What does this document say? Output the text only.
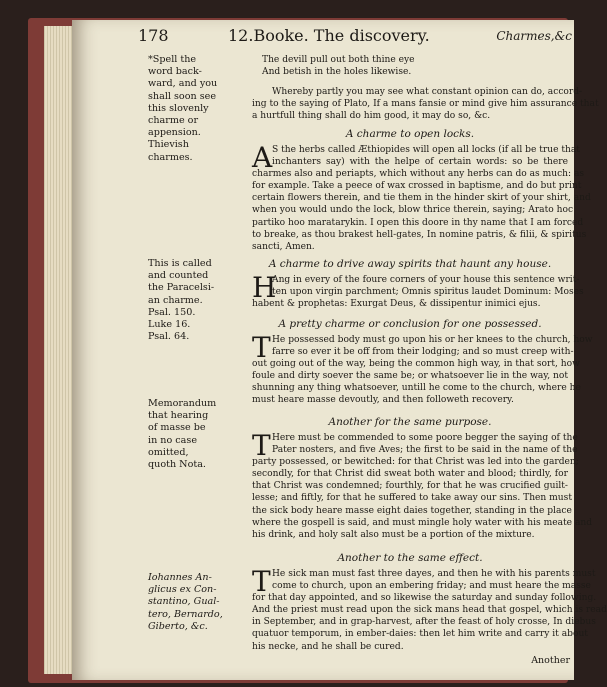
178	12.Booke. The discovery.	Charmes,&c
*Spell the
word back-
ward, and you
shall soon see
this slovenly
charme or
appension.
Thievish
charmes.
This is called
and counted
the Paracelsi-
an charme.
Psal. 150.
Luke 16.
Psal. 64.
Memorandum
that hearing
of masse be
in no case
omitted,
quoth Nota.
Iohannes An-
glicus ex Con-
stantino, Gual-
tero, Bernardo,
Giberto, &c.
The devill pull out both thine eye
And betish in the holes likewise.
Whereby partly you may see what constant opinion can do, accord-
ing to the saying of Plato, If a mans fansie or mind give him assurance that
a hurtfull thing shall do him good, it may do so, &c.
A charme to open locks.
A S the herbs called Æthiopides will open all locks (if all be true that
inchanters say) with the helpe of certain words: so be there
charmes also and periapts, which without any herbs can do as much: as
for example. Take a peece of wax crossed in baptisme, and do but print
certain flowers therein, and tie them in the hinder skirt of your shirt, and
when you would undo the lock, blow thrice therein, saying; Arato hoc
partiko hoo maratarykin. I open this doore in thy name that I am forced
to breake, as thou brakest hell-gates, In nomine patris, & filii, & spiritus
sancti, Amen.
A charme to drive away spirits that haunt any house.
H
Ang in every of the foure corners of your house this sentence writ-
ten upon virgin parchment; Omnis spiritus laudet Dominum: Moses
habent & prophetas: Exurgat Deus, & dissipentur inimici ejus.
A pretty charme or conclusion for one possessed.
T He possessed body must go upon his or her knees to the church, how
farre so ever it be off from their lodging; and so must creep with-
out going out of the way, being the common high way, in that sort, how
foule and dirty soever the same be; or whatsoever lie in the way, not
shunning any thing whatsoever, untill he come to the church, where he
must heare masse devoutly, and then followeth recovery.
Another for the same purpose.
T Here must be commended to some poore begger the saying of the
Pater nosters, and five Aves; the first to be said in the name of the
party possessed, or bewitched: for that Christ was led into the garden;
secondly, for that Christ did sweat both water and blood; thirdly, for
that Christ was condemned; fourthly, for that he was crucified guilt-
lesse; and fiftly, for that he suffered to take away our sins. Then must
the sick body heare masse eight daies together, standing in the place
where the gospell is said, and must mingle holy water with his meate and
his drink, and holy salt also must be a portion of the mixture.
Another to the same effect.
T He sick man must fast three dayes, and then he with his parents must
come to church, upon an embering friday; and must heare the masse
for that day appointed, and so likewise the saturday and sunday following.
And the priest must read upon the sick mans head that gospel, which is read
in September, and in grap-harvest, after the feast of holy crosse, In diebus
quatuor temporum, in ember-daies: then let him write and carry it about
his necke, and he shall be cured.
Another
